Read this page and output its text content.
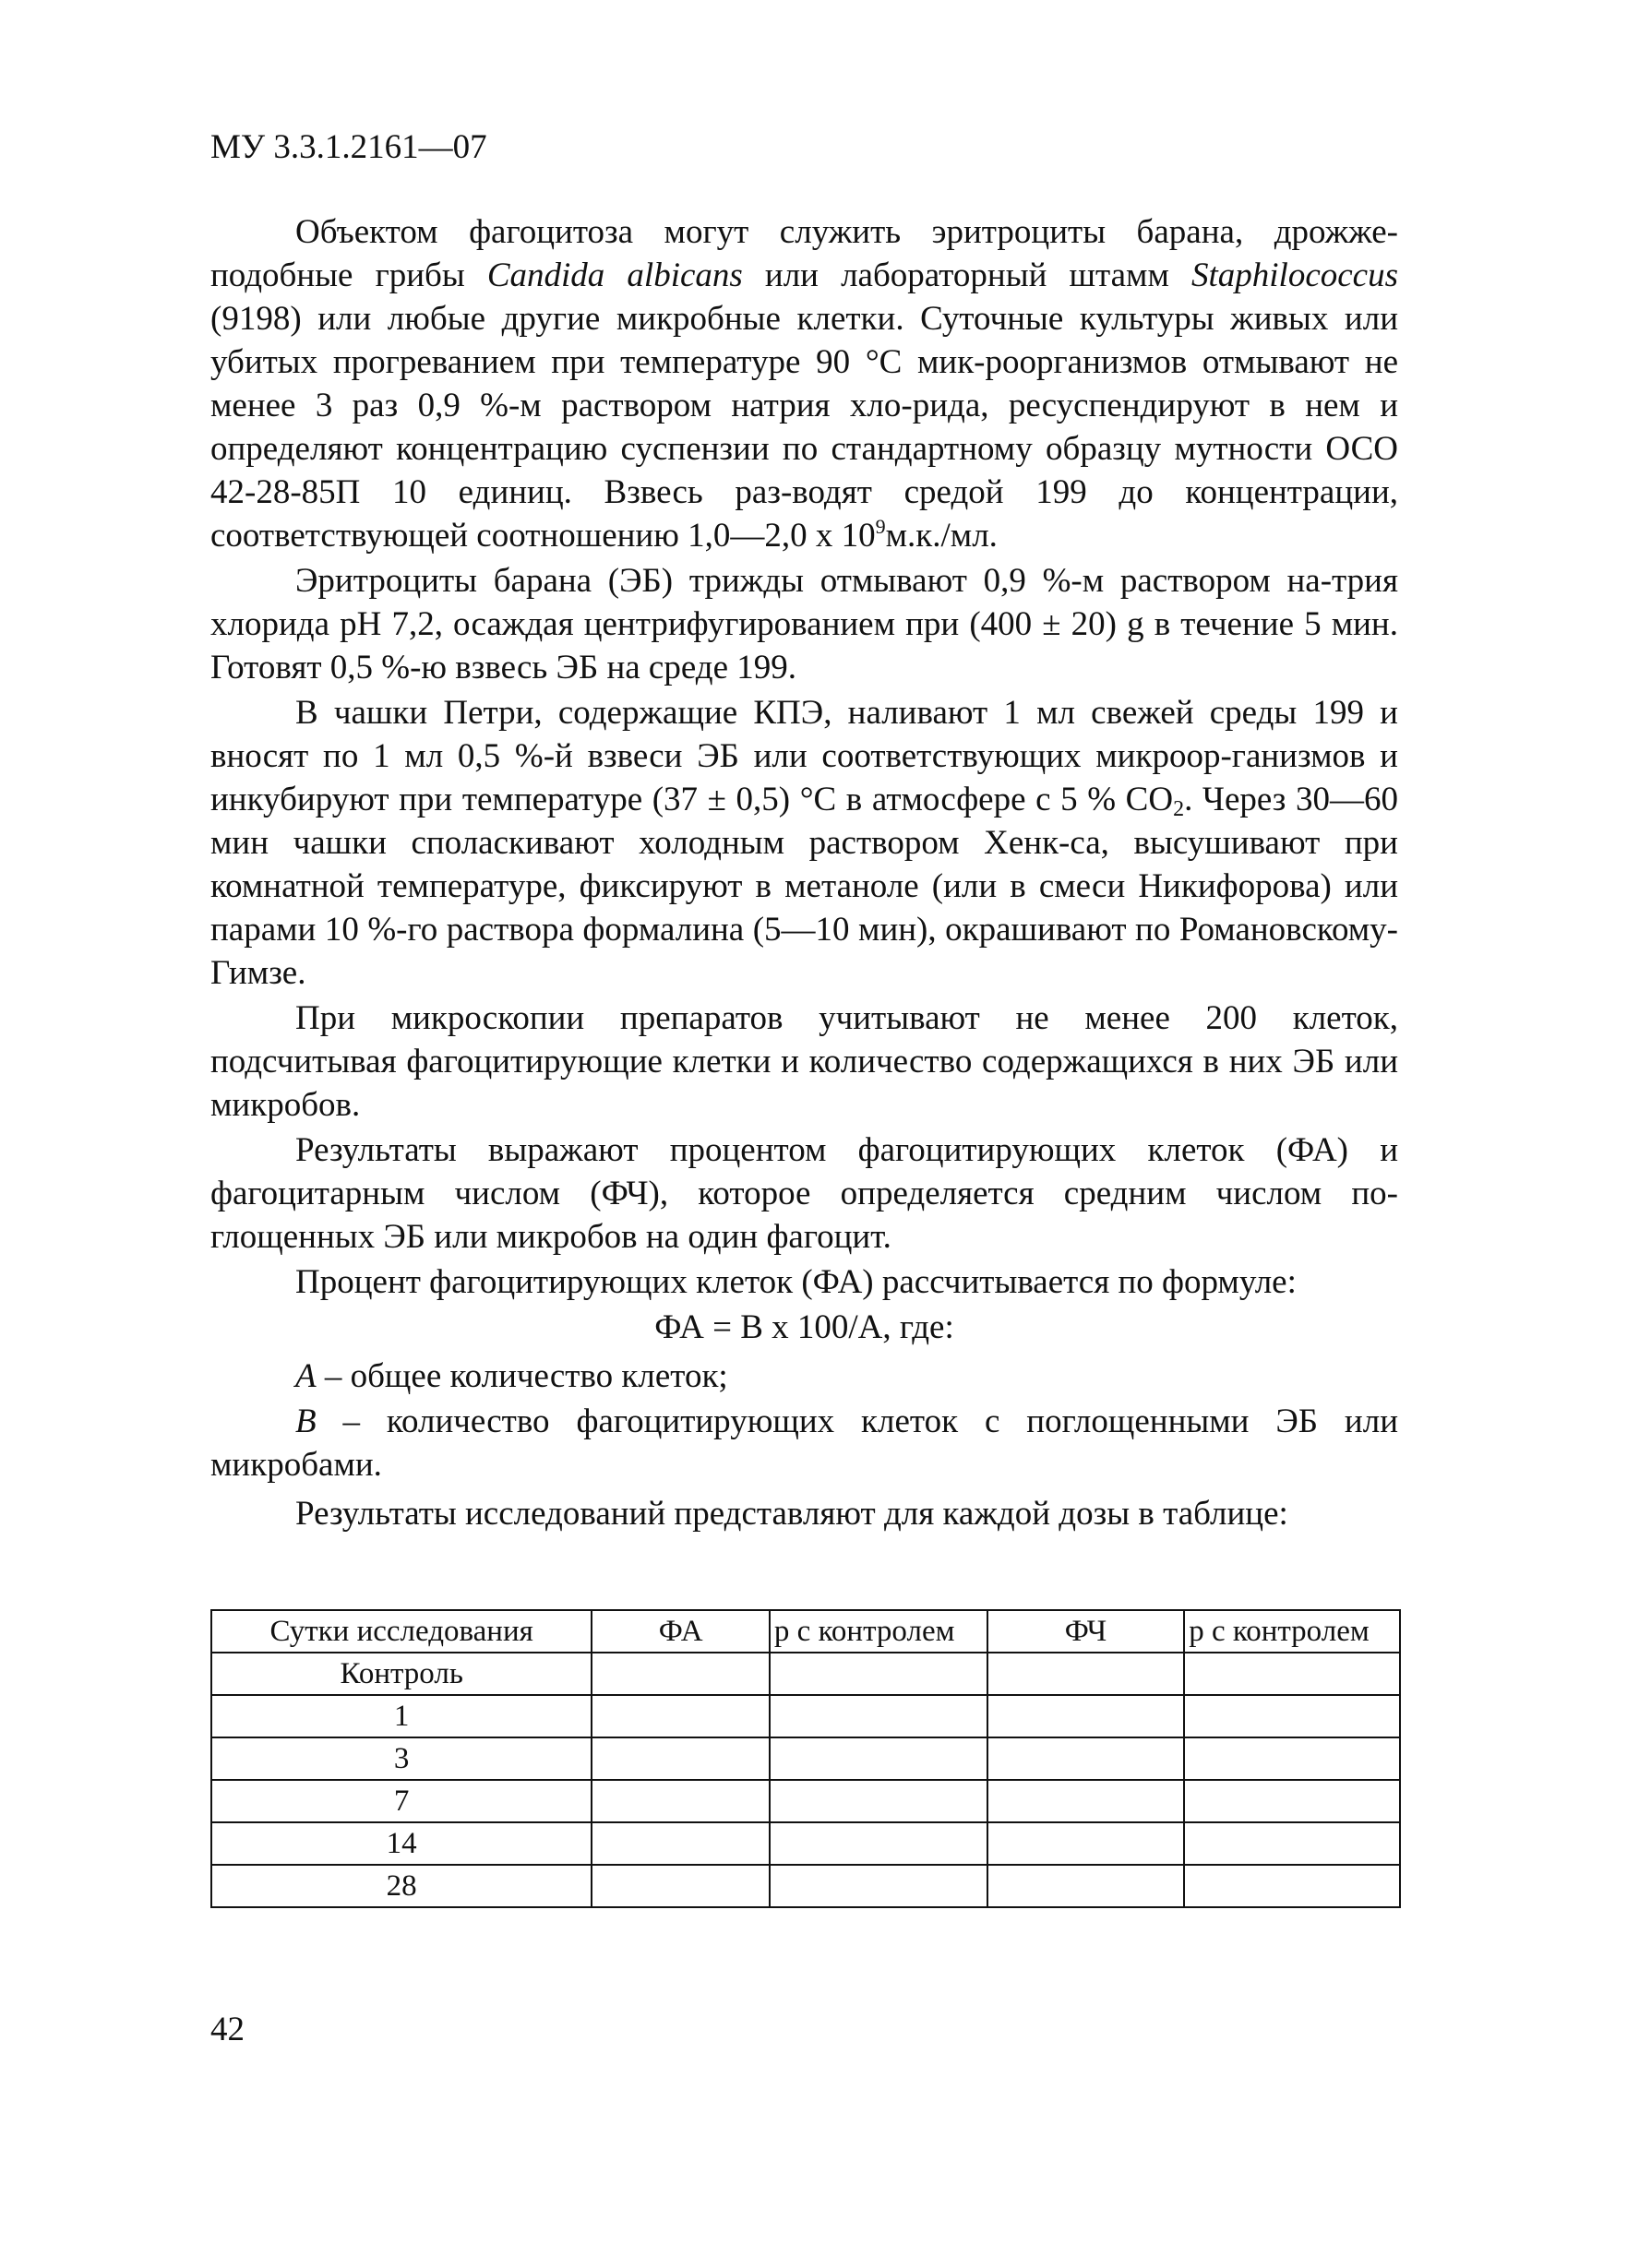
МУ 3.3.1.2161—07

Объектом фагоцитоза могут служить эритроциты барана, дрожже-подобные грибы Candida albicans или лабораторный штамм Staphilococcus (9198) или любые другие микробные клетки. Суточные культуры живых или убитых прогреванием при температуре 90 °С мик-роорганизмов отмывают не менее 3 раз 0,9 %-м раствором натрия хло-рида, ресуспендируют в нем и определяют концентрацию суспензии по стандартному образцу мутности ОСО 42-28-85П 10 единиц. Взвесь раз-водят средой 199 до концентрации, соответствующей соотношению 1,0—2,0 х $10^9м.к./мл$.

Эритроциты барана (ЭБ) трижды отмывают 0,9 %-м раствором на-трия хлорида рН 7,2, осаждая центрифугированием при (400 ± 20) g в течение 5 мин. Готовят 0,5 %-ю взвесь ЭБ на среде 199.

В чашки Петри, содержащие КПЭ, наливают 1 мл свежей среды 199 и вносят по 1 мл 0,5 %-й взвеси ЭБ или соответствующих микроор-ганизмов и инкубируют при температуре (37 ± 0,5) °С в атмосфере с 5 % $СО_2$. Через 30—60 мин чашки споласкивают холодным раствором Хенк-са, высушивают при комнатной температуре, фиксируют в метаноле (или в смеси Никифорова) или парами 10 %-го раствора формалина (5—10 мин), окрашивают по Романовскому-Гимзе.

При микроскопии препаратов учитывают не менее 200 клеток, подсчитывая фагоцитирующие клетки и количество содержащихся в них ЭБ или микробов.

Результаты выражают процентом фагоцитирующих клеток (ФА) и фагоцитарным числом (ФЧ), которое определяется средним числом по-глощенных ЭБ или микробов на один фагоцит.

Процент фагоцитирующих клеток (ФА) рассчитывается по формуле:

ФА = В х 100/А, где:

А – общее количество клеток;

В – количество фагоцитирующих клеток с поглощенными ЭБ или микробами.

Результаты исследований представляют для каждой дозы в таблице:

Сутки исследования	ФА	р с контролем	ФЧ	р с контролем
Контроль				
1				
3				
7				
14				
28				
42
